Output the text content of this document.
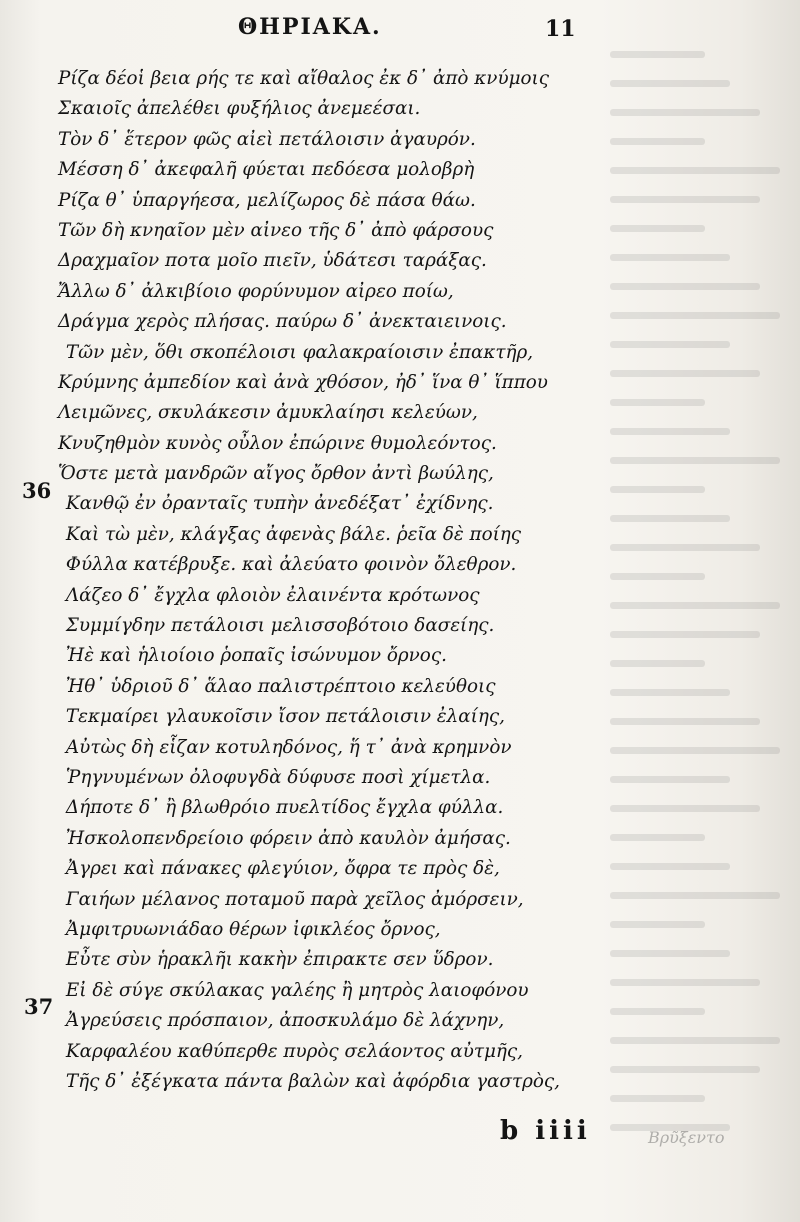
ΘΗΡΙΑΚΑ.	11
Ρίζα δέοἱ βεια ρής τε καὶ αἴθαλος ἐκ δ᾽ ἀπὸ κνύμοις
Σκαιοῖς ἀπελέθει φυξήλιος ἀνεμεέσαι.
Τὸν δ᾽ ἕτερον φῶς αἰεὶ πετάλοισιν ἀγαυρόν.
Μέσση δ᾽ ἀκεφαλῆ φύεται πεδόεσα μολοβρὴ
Ρίζα θ᾽ ὑπαργήεσα, μελίζωρος δὲ πάσα θάω.
Τῶν δὴ κνηαῖον μὲν αἰνεο τῆς δ᾽ ἀπὸ φάρσους
Δραχμαῖον ποτα μοῖο πιεῖν, ὑδάτεσι ταράξας.
Ἄλλω δ᾽ ἀλκιβίοιο φορύνυμον αἰρεο ποίω,
Δράγμα χερὸς πλήσας. παύρω δ᾽ ἀνεκταιεινοις.
Τῶν μὲν, ὅθι σκοπέλοισι φαλακραίοισιν ἐπακτῆρ,
Κρύμνης ἀμπεδίον καὶ ἀνὰ χθόσον, ἠδ᾽ ἵνα θ᾽ ἵππου
Λειμῶνες, σκυλάκεσιν ἀμυκλαίησι κελεύων,
Κνυζηθμὸν κυνὸς οὖλον ἐπώρινε θυμολεόντος.
Ὅστε μετὰ μανδρῶν αἴγος ὄρθον ἀντὶ βωύλης,
Κανθῷ ἐν ὀρανταῖς τυπὴν ἀνεδέξατ᾽ ἐχίδνης.
Καὶ τὼ μὲν, κλάγξας ἀφενὰς βάλε. ῥεῖα δὲ ποίης
Φύλλα κατέβρυξε. καὶ ἀλεύατο φοινὸν ὄλεθρον.
Λάζεο δ᾽ ἔγχλα φλοιὸν ἐλαινέντα κρότωνος
Συμμίγδην πετάλοισι μελισσοβότοιο δασείης.
Ἠὲ καὶ ἡλιοίοιο ῥοπαῖς ἰσώνυμον ὄρνος.
Ἠθ᾽ ὑδριοῦ δ᾽ ἅλαο παλιστρέπτοιο κελεύθοις
Τεκμαίρει γλαυκοῖσιν ἴσον πετάλοισιν ἐλαίης,
Αὐτὼς δὴ εἷζαν κοτυληδόνος, ἥ τ᾽ ἀνὰ κρημνὸν
Ῥηγνυμένων ὀλοφυγδὰ δύφυσε ποσὶ χίμετλα.
Δήποτε δ᾽ ἢ βλωθρόιο πυελτίδος ἔγχλα φύλλα.
Ἠσκολοπενδρείοιο φόρειν ἀπὸ καυλὸν ἀμήσας.
Ἀγρει καὶ πάνακες φλεγύιον, ὄφρα τε πρὸς δὲ,
Γαιήων μέλανος ποταμοῦ παρὰ χεῖλος ἀμόρσειν,
Ἀμφιτρυωνιάδαο θέρων ἰφικλέος ὄρνος,
Εὖτε σὺν ἡρακλῆι κακὴν ἐπιρακτε σεν ὕδρον.
Εἰ δὲ σύγε σκύλακας γαλέης ἢ μητρὸς λαιοφόνου
Ἀγρεύσεις πρόσπαιον, ἀποσκυλάμο δὲ λάχνην,
Καρφαλέου καθύπερθε πυρὸς σελάοντος αὐτμῆς,
Τῆς δ᾽ ἐξέγκατα πάντα βαλὼν καὶ ἀφόρδια γαστρὸς,
36
37
b iiii	Βρῦξεντο
